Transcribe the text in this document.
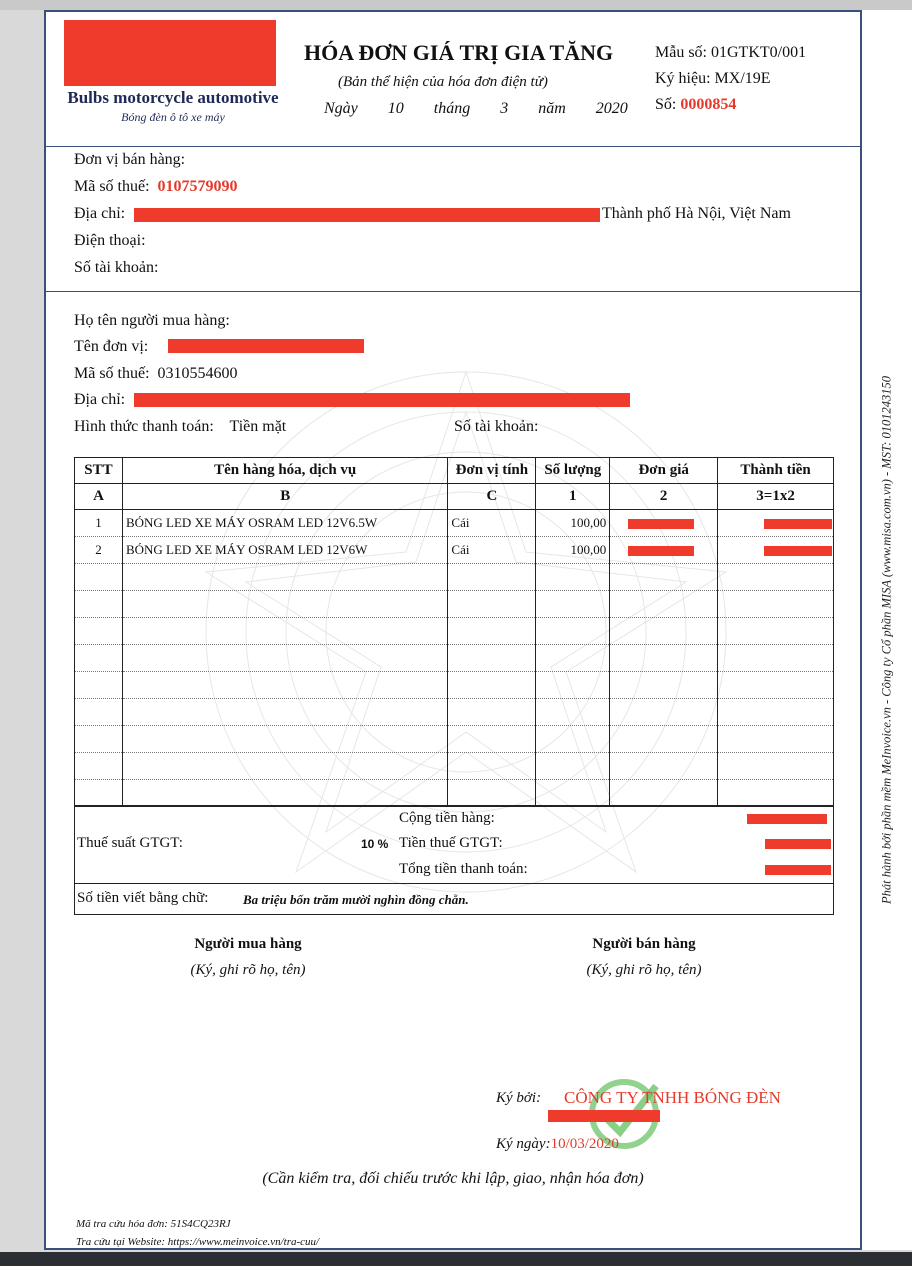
Bulbs motorcycle automotive
Bóng đèn ô tô xe máy
HÓA ĐƠN GIÁ TRỊ GIA TĂNG
(Bản thể hiện của hóa đơn điện tử)
Ngày 10 tháng 3 năm 2020
Mẫu số: 01GTKT0/001
Ký hiệu: MX/19E
Số: 0000854
Đơn vị bán hàng:
Mã số thuế: 0107579090
Địa chỉ:	Thành phố Hà Nội, Việt Nam
Điện thoại:
Số tài khoản:
Họ tên người mua hàng:
Tên đơn vị:
Mã số thuế: 0310554600
Địa chỉ:
Hình thức thanh toán: Tiền mặt	Số tài khoản:
STT	Tên hàng hóa, dịch vụ	Đơn vị tính	Số lượng	Đơn giá	Thành tiền
A	B	C	1	2	3=1x2
1	BÓNG LED XE MÁY OSRAM LED 12V6.5W	Cái	100,00	

2	BÓNG LED XE MÁY OSRAM LED 12V6W	Cái	100,00	

Cộng tiền hàng:
Thuế suất GTGT:	10 % Tiền thuế GTGT:
Tổng tiền thanh toán:
Số tiền viết bằng chữ:	Ba triệu bốn trăm mười nghìn đồng chẵn.
Người mua hàng
(Ký, ghi rõ họ, tên)
Người bán hàng
(Ký, ghi rõ họ, tên)
Ký bởi: CÔNG TY TNHH BÓNG ĐÈN
Ký ngày:10/03/2020
(Cần kiểm tra, đối chiếu trước khi lập, giao, nhận hóa đơn)
Mã tra cứu hóa đơn: 51S4CQ23RJ
Tra cứu tại Website: https://www.meinvoice.vn/tra-cuu/
Phát hành bởi phần mềm MeInvoice.vn - Công ty Cổ phần MISA (www.misa.com.vn) - MST: 0101243150
